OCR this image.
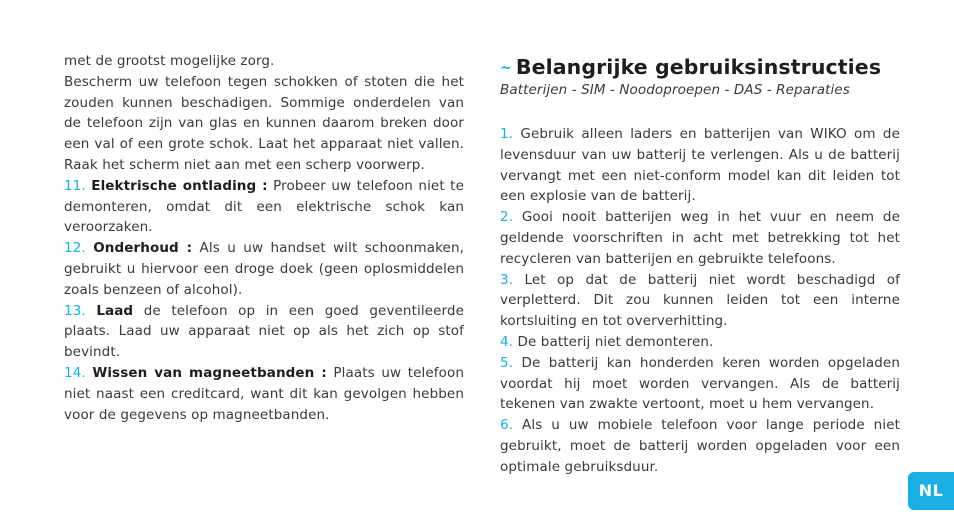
met de grootst mogelijke zorg.

Bescherm uw telefoon tegen schokken of stoten die het zouden kunnen beschadigen. Sommige onderdelen van de telefoon zijn van glas en kunnen daarom breken door een val of een grote schok. Laat het apparaat niet vallen. Raak het scherm niet aan met een scherp voorwerp.

11. Elektrische ontlading : Probeer uw telefoon niet te demonteren, omdat dit een elektrische schok kan veroorzaken.

12. Onderhoud : Als u uw handset wilt schoonmaken, gebruikt u hiervoor een droge doek (geen oplosmiddelen zoals benzeen of alcohol).

13. Laad de telefoon op in een goed geventileerde plaats. Laad uw apparaat niet op als het zich op stof bevindt.

14. Wissen van magneetbanden : Plaats uw telefoon niet naast een creditcard, want dit kan gevolgen hebben voor de gegevens op magneetbanden.

~ Belangrijke gebruiksinstructies

Batterijen - SIM - Noodoproepen - DAS - Reparaties

1. Gebruik alleen laders en batterijen van WIKO om de levensduur van uw batterij te verlengen. Als u de batterij vervangt met een niet-conform model kan dit leiden tot een explosie van de batterij.

2. Gooi nooit batterijen weg in het vuur en neem de geldende voorschriften in acht met betrekking tot het recycleren van batterijen en gebruikte telefoons.

3. Let op dat de batterij niet wordt beschadigd of verpletterd. Dit zou kunnen leiden tot een interne kortsluiting en tot oververhitting.

4. De batterij niet demonteren.

5. De batterij kan honderden keren worden opgeladen voordat hij moet worden vervangen. Als de batterij tekenen van zwakte vertoont, moet u hem vervangen.

6. Als u uw mobiele telefoon voor lange periode niet gebruikt, moet de batterij worden opgeladen voor een optimale gebruiksduur.

NL
